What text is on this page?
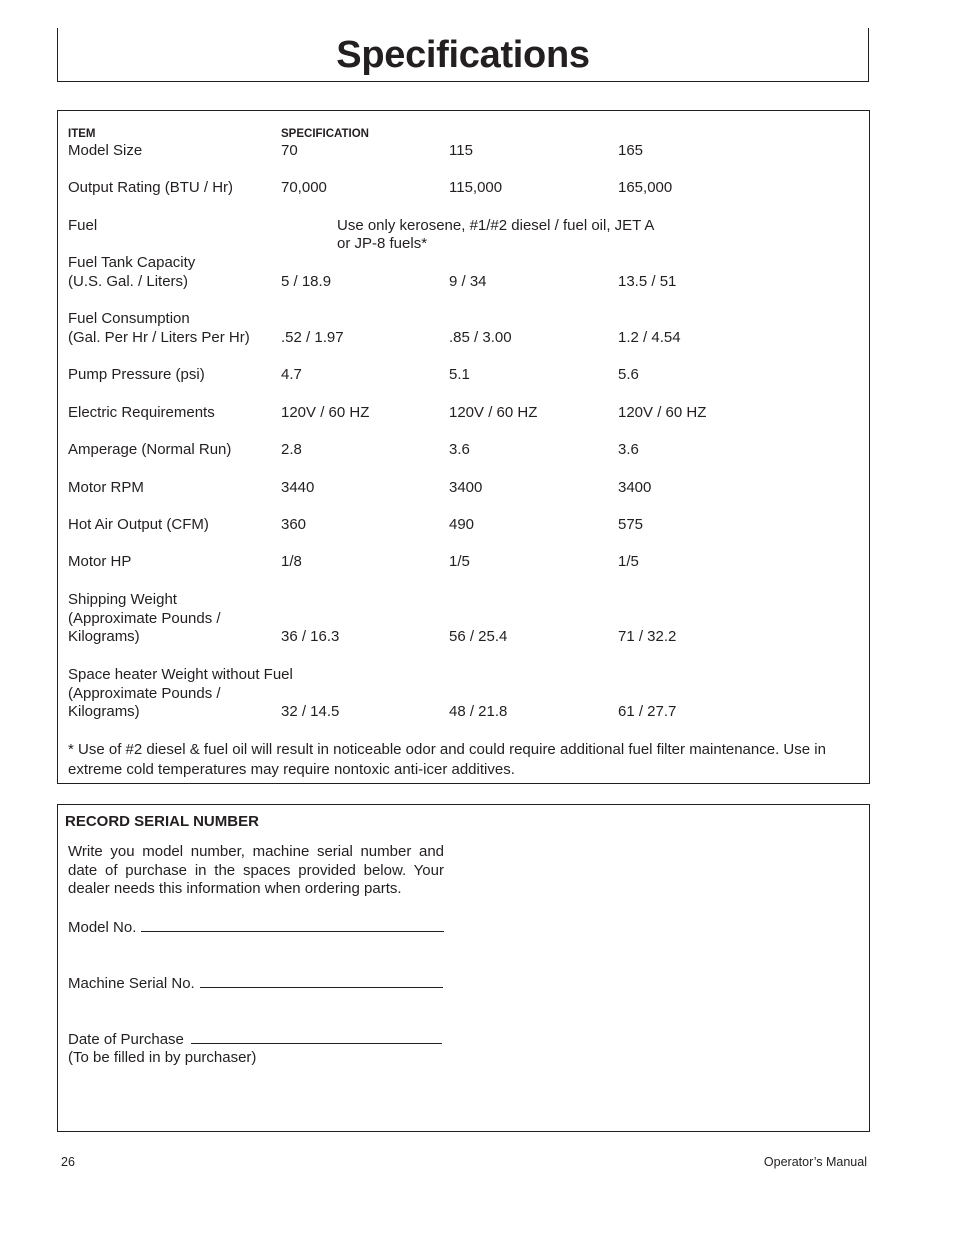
Specifications
ITEM	SPECIFICATION
Model Size	70	115	165
Output Rating (BTU / Hr)	70,000	115,000	165,000
Fuel	Use only kerosene, #1/#2 diesel / fuel oil, JET A
or JP-8 fuels*
Fuel Tank Capacity
(U.S. Gal. / Liters)	5 / 18.9	9 / 34	13.5 / 51
Fuel Consumption
(Gal. Per Hr / Liters Per Hr) .52 / 1.97	.85 / 3.00	1.2 / 4.54
Pump Pressure (psi)	4.7	5.1	5.6
Electric Requirements	120V / 60 HZ	120V / 60 HZ	120V / 60 HZ
Amperage (Normal Run)	2.8	3.6	3.6
Motor RPM	3440	3400	3400
Hot Air Output (CFM)	360	490	575
Motor HP	1/8	1/5	1/5
Shipping Weight
(Approximate Pounds /
Kilograms)	36 / 16.3	56 / 25.4	71 / 32.2
Space heater Weight without Fuel
(Approximate Pounds /
Kilograms)	32 / 14.5	48 / 21.8	61 / 27.7
* Use of #2 diesel & fuel oil will result in noticeable odor and could require additional fuel filter maintenance. Use in extreme cold temperatures may require nontoxic anti-icer additives.
RECORD SERIAL NUMBER
Write you model number, machine serial number and date of purchase in the spaces provided below. Your dealer needs this information when ordering parts.
Model No.
Machine Serial No.
Date of Purchase
(To be filled in by purchaser)
26	Operator’s Manual
